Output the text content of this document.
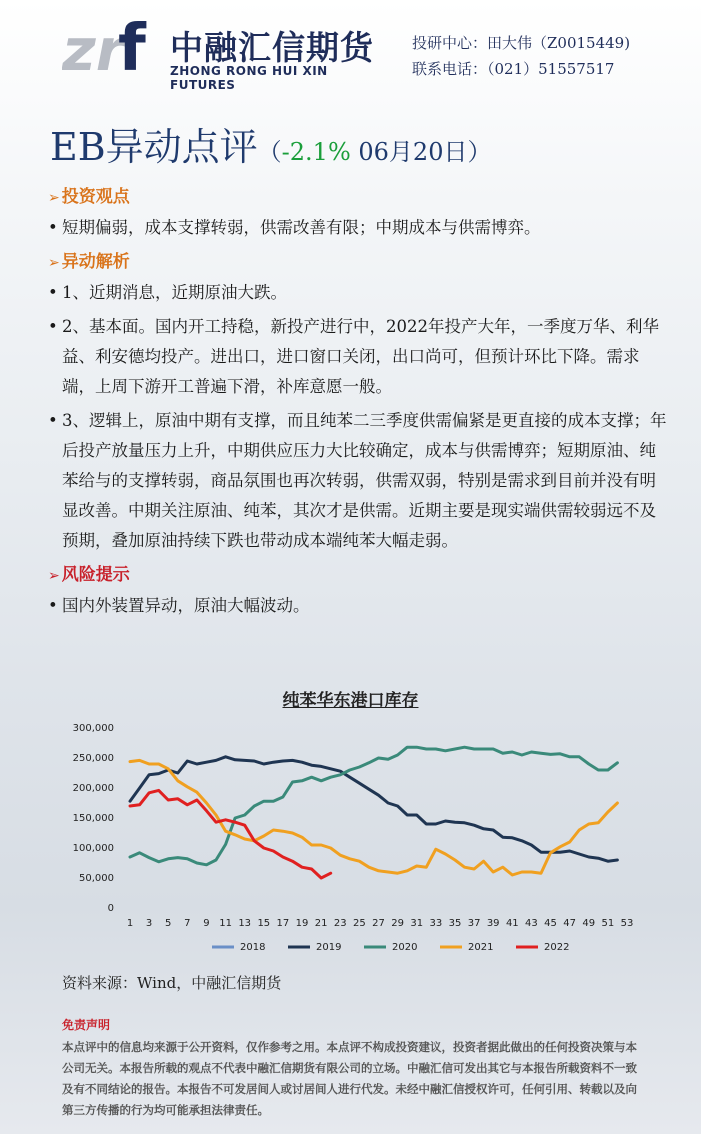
zr
f 中融汇信期货
ZHONG RONG HUI XIN FUTURES
投研中心：田大伟（Z0015449)
联系电话：（021）51557517
EB异动点评（-2.1% 06月20日）
➢ 投资观点
• 短期偏弱，成本支撑转弱，供需改善有限；中期成本与供需博弈。
➢ 异动解析
• 1、近期消息，近期原油大跌。
• 2、基本面。国内开工持稳，新投产进行中，2022年投产大年，一季度万华、利华益、利安德均投产。进出口，进口窗口关闭，出口尚可，但预计环比下降。需求端，上周下游开工普遍下滑，补库意愿一般。
• 3、逻辑上，原油中期有支撑，而且纯苯二三季度供需偏紧是更直接的成本支撑；年后投产放量压力上升，中期供应压力大比较确定，成本与供需博弈；短期原油、纯苯给与的支撑转弱，商品氛围也再次转弱，供需双弱，特别是需求到目前并没有明显改善。中期关注原油、纯苯，其次才是供需。近期主要是现实端供需较弱远不及预期，叠加原油持续下跌也带动成本端纯苯大幅走弱。
➢ 风险提示
• 国内外装置异动，原油大幅波动。
纯苯华东港口库存
300,000
250,000
200,000
150,000
100,000
50,000
0
1 3 5 7 9 11 13 15 17 19 21 23 25 27 29 31 33 35 37 39 41 43 45 47 49 51 53
2018	2019	2020	2021	2022
资料来源：Wind，中融汇信期货
免责声明
本点评中的信息均来源于公开资料，仅作参考之用。本点评不构成投资建议，投资者据此做出的任何投资决策与本公司无关。本报告所载的观点不代表中融汇信期货有限公司的立场。中融汇信可发出其它与本报告所载资料不一致及有不同结论的报告。本报告不可发居间人或讨居间人进行代发。未经中融汇信授权许可，任何引用、转载以及向第三方传播的行为均可能承担法律责任。
